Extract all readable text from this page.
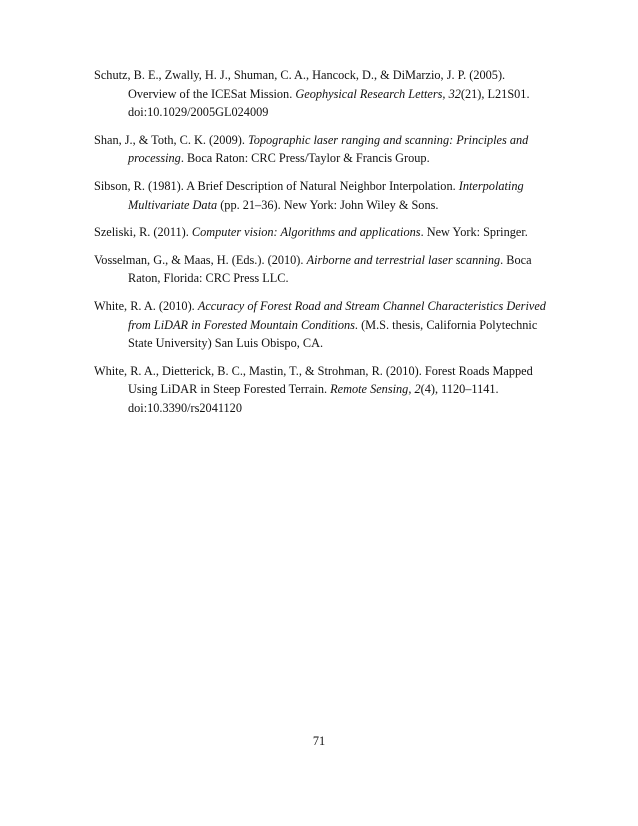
Schutz, B. E., Zwally, H. J., Shuman, C. A., Hancock, D., & DiMarzio, J. P. (2005). Overview of the ICESat Mission. Geophysical Research Letters, 32(21), L21S01. doi:10.1029/2005GL024009
Shan, J., & Toth, C. K. (2009). Topographic laser ranging and scanning: Principles and processing. Boca Raton: CRC Press/Taylor & Francis Group.
Sibson, R. (1981). A Brief Description of Natural Neighbor Interpolation. Interpolating Multivariate Data (pp. 21–36). New York: John Wiley & Sons.
Szeliski, R. (2011). Computer vision: Algorithms and applications. New York: Springer.
Vosselman, G., & Maas, H. (Eds.). (2010). Airborne and terrestrial laser scanning. Boca Raton, Florida: CRC Press LLC.
White, R. A. (2010). Accuracy of Forest Road and Stream Channel Characteristics Derived from LiDAR in Forested Mountain Conditions. (M.S. thesis, California Polytechnic State University) San Luis Obispo, CA.
White, R. A., Dietterick, B. C., Mastin, T., & Strohman, R. (2010). Forest Roads Mapped Using LiDAR in Steep Forested Terrain. Remote Sensing, 2(4), 1120–1141. doi:10.3390/rs2041120

71
